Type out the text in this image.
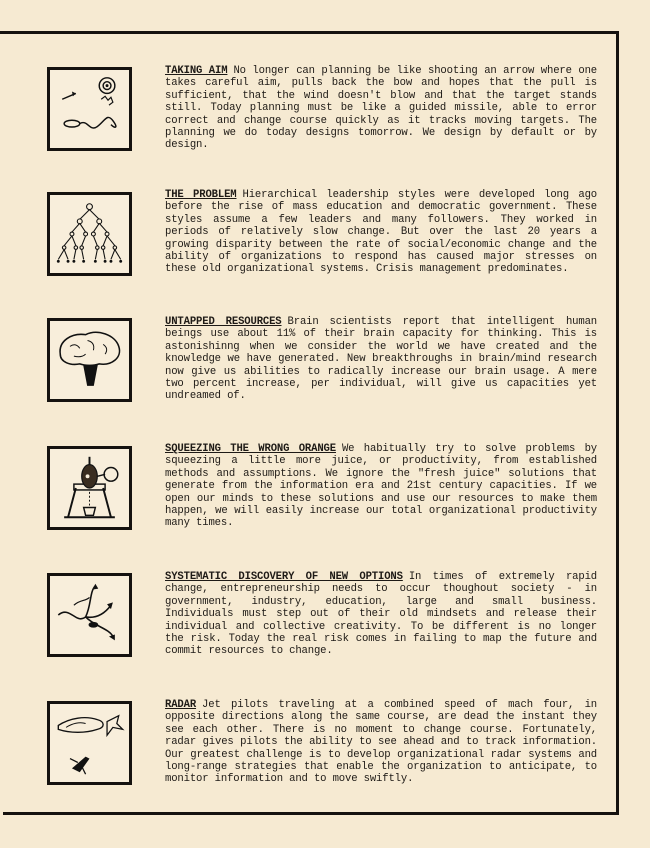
TAKING AIM No longer can planning be like shooting an arrow where one takes careful aim, pulls back the bow and hopes that the pull is sufficient, that the wind doesn't blow and that the target stands still. Today planning must be like a guided missile, able to error correct and change course quickly as it tracks moving targets. The planning we do today designs tomorrow. We design by default or by design.
THE PROBLEM Hierarchical leadership styles were developed long ago before the rise of mass education and democratic government. These styles assume a few leaders and many followers. They worked in periods of relatively slow change. But over the last 20 years a growing disparity between the rate of social/economic change and the ability of organizations to respond has caused major stresses on these old organizational systems. Crisis management predominates.
UNTAPPED RESOURCES Brain scientists report that intelligent human beings use about 11% of their brain capacity for thinking. This is astonishinng when we consider the world we have created and the knowledge we have generated. New breakthroughs in brain/mind research now give us abilities to radically increase our brain usage. A mere two percent increase, per individual, will give us capacities yet undreamed of.
SQUEEZING THE WRONG ORANGE We habitually try to solve problems by squeezing a little more juice, or productivity, from established methods and assumptions. We ignore the "fresh juice" solutions that generate from the information era and 21st century capacities. If we open our minds to these solutions and use our resources to make them happen, we will easily increase our total organizational productivity many times.
SYSTEMATIC DISCOVERY OF NEW OPTIONS In times of extremely rapid change, entrepreneurship needs to occur thoughout society - in government, industry, education, large and small business. Individuals must step out of their old mindsets and release their individual and collective creativity. To be different is no longer the risk. Today the real risk comes in failing to map the future and commit resources to change.
RADAR Jet pilots traveling at a combined speed of mach four, in opposite directions along the same course, are dead the instant they see each other. There is no moment to change course. Fortunately, radar gives pilots the ability to see ahead and to track information. Our greatest challenge is to develop organizational radar systems and long-range strategies that enable the organization to anticipate, to monitor information and to move swiftly.
